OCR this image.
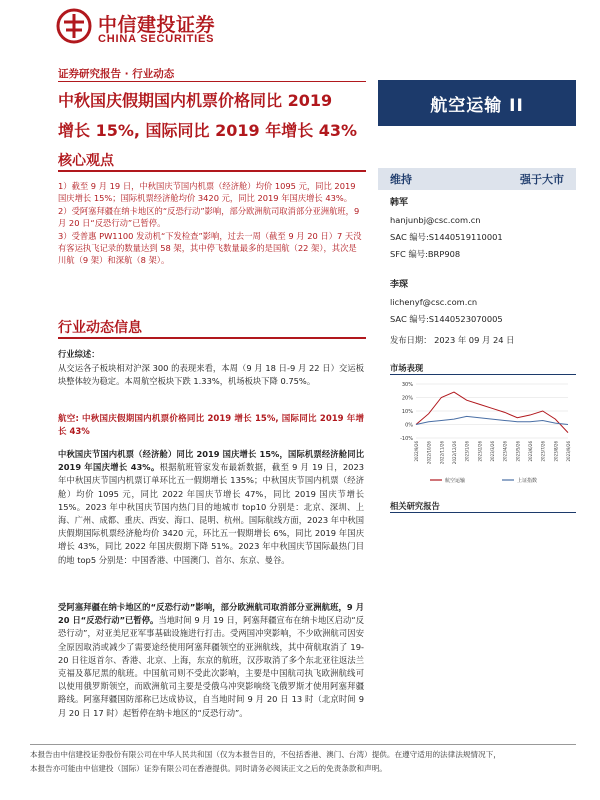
中信建投证券
CHINA SECURITIES
证券研究报告 · 行业动态
中秋国庆假期国内机票价格同比 2019
增长 15%, 国际同比 2019 年增长 43%
航空运输 II
核心观点

1）截至 9 月 19 日，中秋国庆节国内机票（经济舱）均价 1095 元，同比 2019 国庆增长 15%；国际机票经济舱均价 3420 元，同比 2019 年国庆增长 43%。

2）受阿塞拜疆在纳卡地区的“反恐行动”影响，部分欧洲航司取消部分亚洲航班，9 月 20 日“反恐行动”已暂停。

3）受普惠 PW1100 发动机“下发检查”影响，过去一周（截至 9 月 20 日）7 天没有客运执飞记录的数量达到 58 架，其中停飞数量最多的是国航（22 架），其次是川航（9 架）和深航（8 架）。

行业动态信息
行业综述：
从交运各子板块相对沪深 300 的表现来看，本周（9 月 18 日-9 月 22 日）交运板块整体较为稳定。本周航空板块下跌 1.33%，机场板块下降 0.75%。
航空: 中秋国庆假期国内机票价格同比 2019 增长 15%, 国际同比 2019 年增长 43%
中秋国庆节国内机票（经济舱）同比 2019 国庆增长 15%，国际机票经济舱同比 2019 年国庆增长 43%。根据航班管家发布最新数据，截至 9 月 19 日，2023 年中秋国庆节国内机票订单环比五一假期增长 135%；中秋国庆节国内机票（经济舱）均价 1095 元，同比 2022 年国庆节增长 47%，同比 2019 国庆节增长 15%。2023 年中秋国庆节国内热门目的地城市 top10 分别是：北京、深圳、上海、广州、成都、重庆、西安、海口、昆明、杭州。国际航线方面，2023 年中秋国庆假期国际机票经济舱均价 3420 元，环比五一假期增长 6%，同比 2019 年国庆增长 43%，同比 2022 年国庆假期下降 51%。2023 年中秋国庆节国际最热门目的地 top5 分别是：中国香港、中国澳门、首尔、东京、曼谷。
受阿塞拜疆在纳卡地区的“反恐行动”影响，部分欧洲航司取消部分亚洲航班，9 月 20 日“反恐行动”已暂停。当地时间 9 月 19 日，阿塞拜疆宣布在纳卡地区启动“反恐行动”，对亚美尼亚军事基础设施进行打击。受两国冲突影响，不少欧洲航司因安全原因取消或减少了需要途经使用阿塞拜疆领空的亚洲航线，其中荷航取消了 19-20 日往返首尔、香港、北京、上海，东京的航班，汉莎取消了多个东北亚往返法兰克福及慕尼黑的航班。中国航司则不受此次影响，主要是中国航司执飞欧洲航线可以使用俄罗斯领空，而欧洲航司主要是受俄乌冲突影响绕飞俄罗斯才使用阿塞拜疆路线。阿塞拜疆国防部称已达成协议，自当地时间 9 月 20 日 13 时（北京时间 9 月 20 日 17 时）起暂停在纳卡地区的“反恐行动”。
维持	强于大市
韩军
hanjunbj@csc.com.cn
SAC 编号:S1440519110001
SFC 编号:BRP908
李琛
lichenyf@csc.com.cn
SAC 编号:S1440523070005
发布日期： 2023 年 09 月 24 日
市场表现
30%
20%
10%
0%
-10%
2022/9/26 2022/10/26 2022/11/26 2022/12/26 2023/1/26 2023/2/26 2023/3/26 2023/4/26 2023/5/26 2023/6/26 2023/7/26 2023/8/26 2023/9/26
航空运输	上证指数
相关研究报告
本报告由中信建投证券股份有限公司在中华人民共和国（仅为本报告目的，不包括香港、澳门、台湾）提供。在遵守适用的法律法规情况下，
本报告亦可能由中信建投（国际）证券有限公司在香港提供。同时请务必阅读正文之后的免责条款和声明。
